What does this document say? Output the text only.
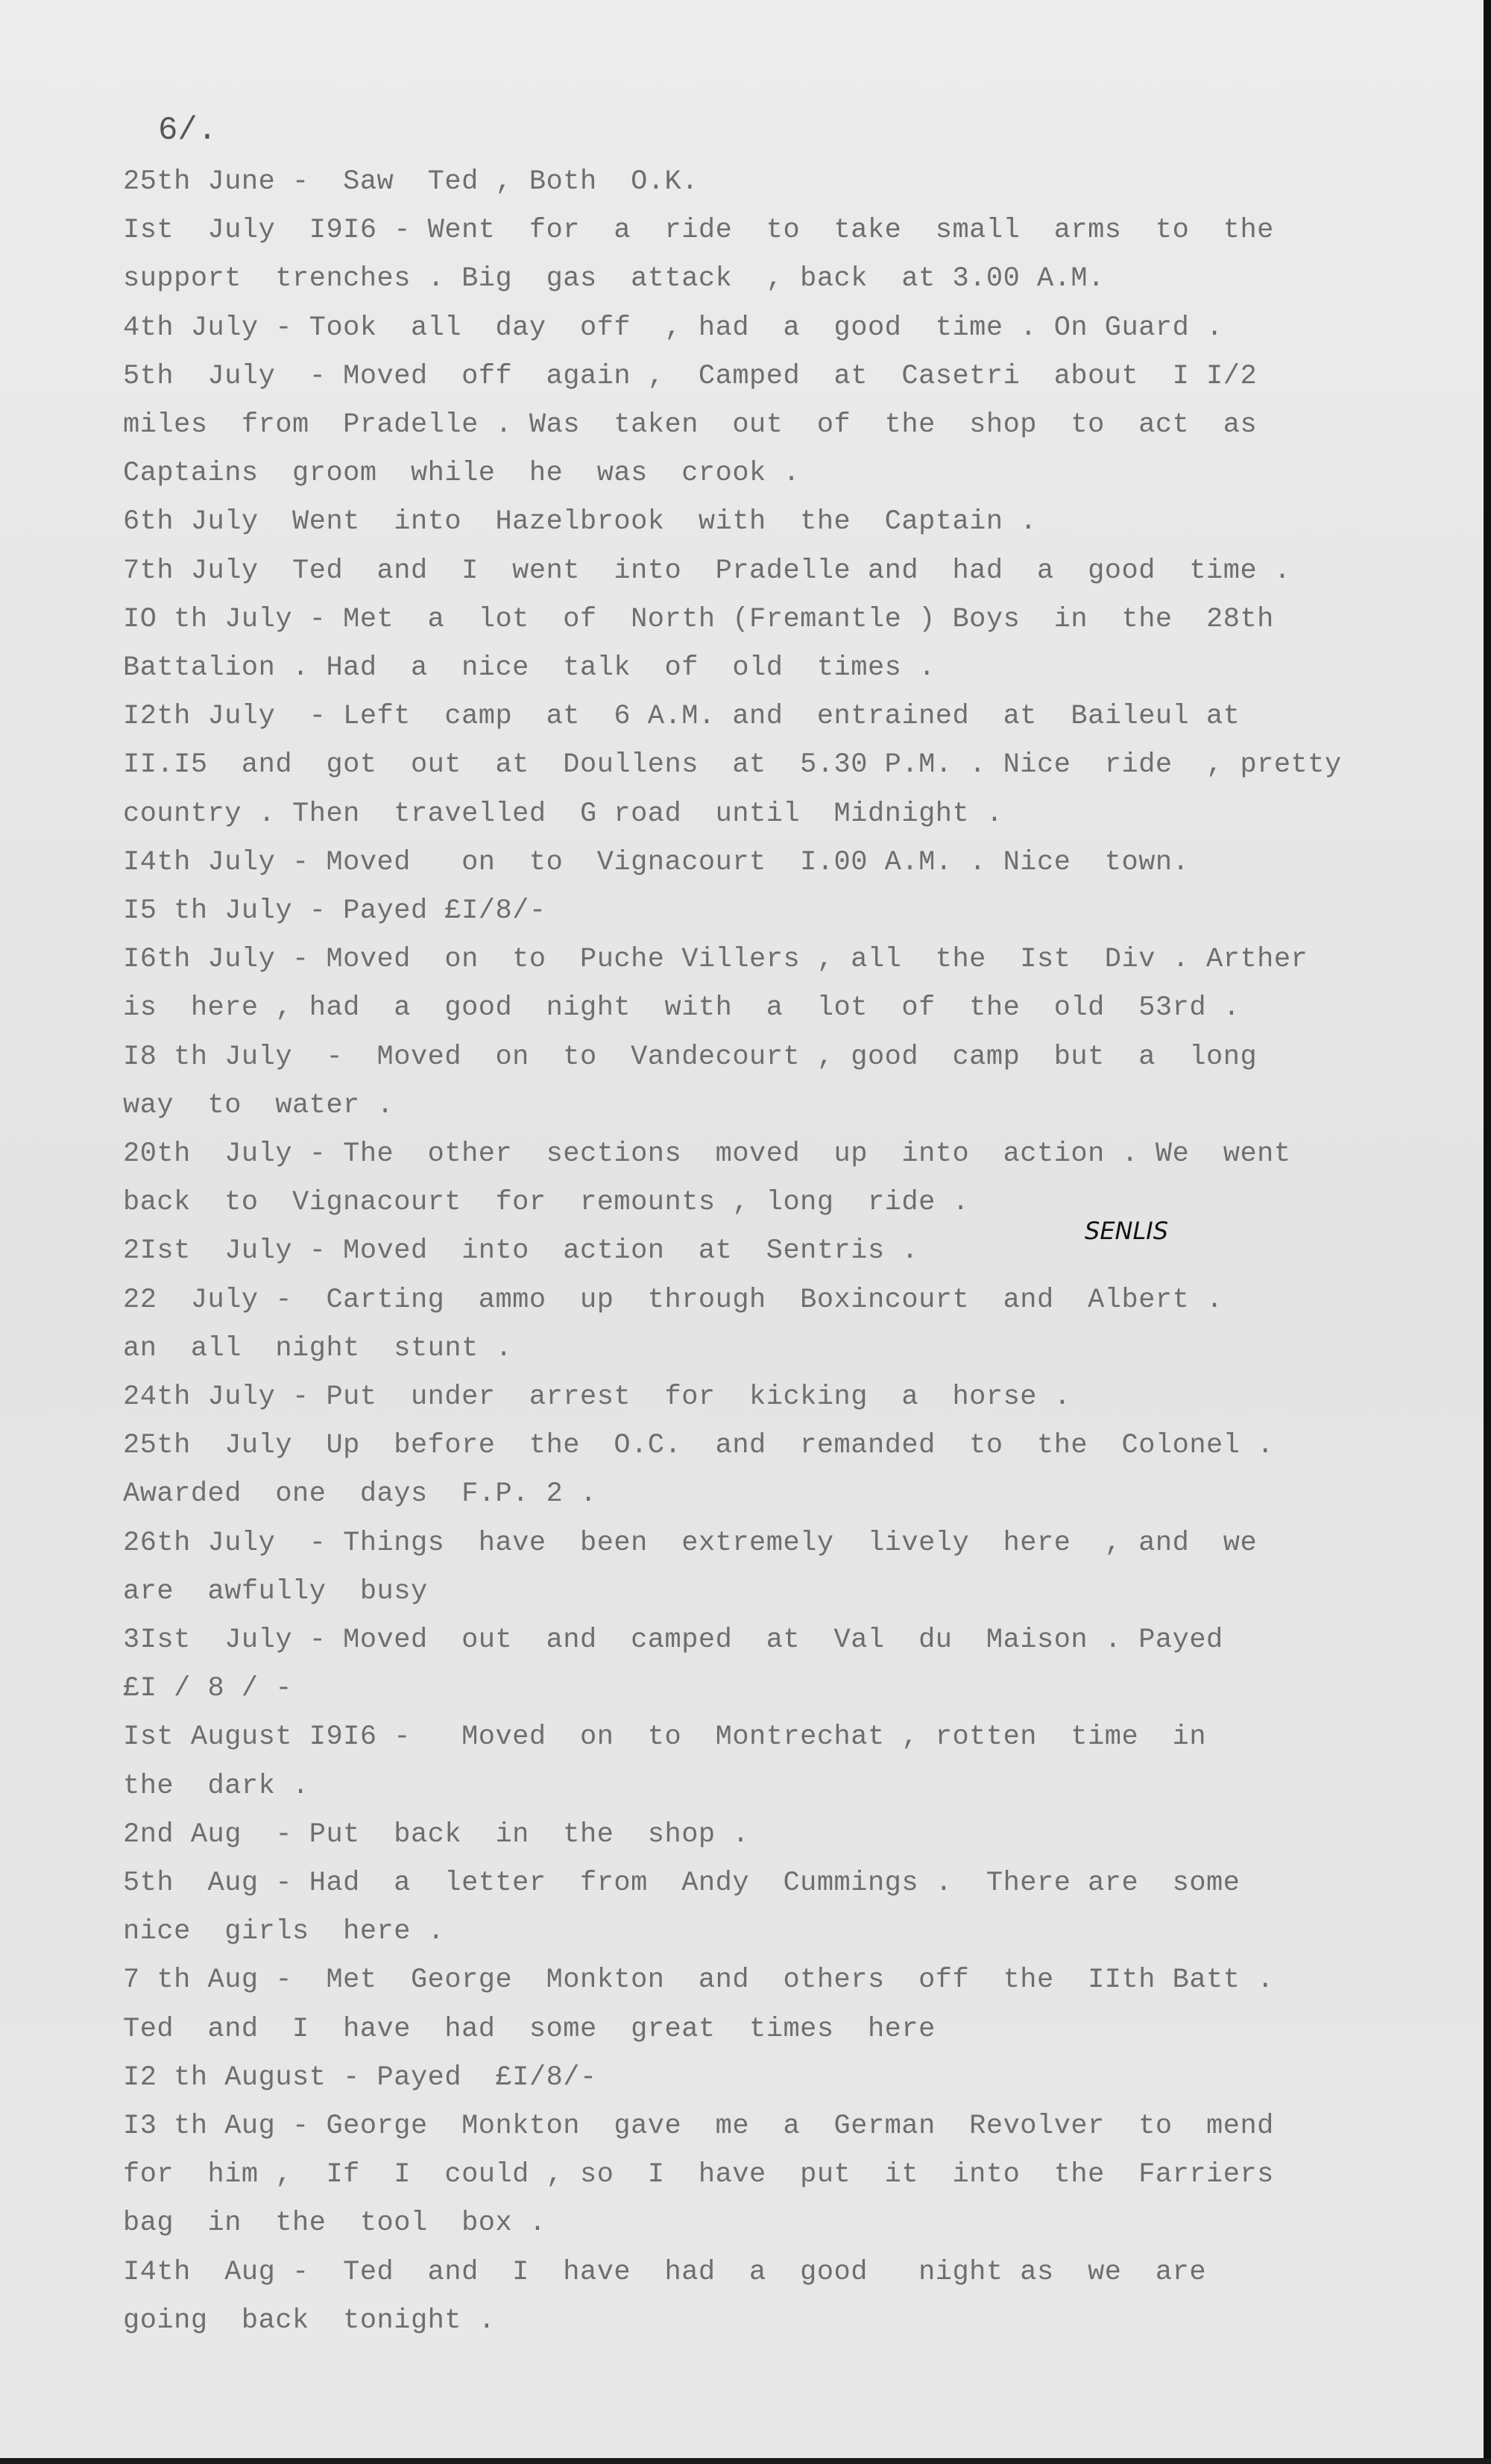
6/.
25th June -  Saw  Ted , Both  O.K.
Ist  July  I9I6 - Went  for  a  ride  to  take  small  arms  to  the
support  trenches . Big  gas  attack  , back  at 3.00 A.M.
4th July - Took  all  day  off  , had  a  good  time . On Guard .
5th  July  - Moved  off  again ,  Camped  at  Casetri  about  I I/2
miles  from  Pradelle . Was  taken  out  of  the  shop  to  act  as
Captains  groom  while  he  was  crook .
6th July  Went  into  Hazelbrook  with  the  Captain .
7th July  Ted  and  I  went  into  Pradelle and  had  a  good  time .
IO th July - Met  a  lot  of  North (Fremantle ) Boys  in  the  28th
Battalion . Had  a  nice  talk  of  old  times .
I2th July  - Left  camp  at  6 A.M. and  entrained  at  Baileul at
II.I5  and  got  out  at  Doullens  at  5.30 P.M. . Nice  ride  , pretty
country . Then  travelled  G road  until  Midnight .
I4th July - Moved   on  to  Vignacourt  I.00 A.M. . Nice  town.
I5 th July - Payed £I/8/-
I6th July - Moved  on  to  Puche Villers , all  the  Ist  Div . Arther
is  here , had  a  good  night  with  a  lot  of  the  old  53rd .
I8 th July  -  Moved  on  to  Vandecourt , good  camp  but  a  long
way  to  water .
20th  July - The  other  sections  moved  up  into  action . We  went
back  to  Vignacourt  for  remounts , long  ride .
2Ist  July - Moved  into  action  at  Sentris .
22  July -  Carting  ammo  up  through  Boxincourt  and  Albert .
an  all  night  stunt .
24th July - Put  under  arrest  for  kicking  a  horse .
25th  July  Up  before  the  O.C.  and  remanded  to  the  Colonel .
Awarded  one  days  F.P. 2 .
26th July  - Things  have  been  extremely  lively  here  , and  we
are  awfully  busy
3Ist  July - Moved  out  and  camped  at  Val  du  Maison . Payed
£I / 8 / -
Ist August I9I6 -   Moved  on  to  Montrechat , rotten  time  in
the  dark .
2nd Aug  - Put  back  in  the  shop .
5th  Aug - Had  a  letter  from  Andy  Cummings .  There are  some
nice  girls  here .
7 th Aug -  Met  George  Monkton  and  others  off  the  IIth Batt .
Ted  and  I  have  had  some  great  times  here
I2 th August - Payed  £I/8/-
I3 th Aug - George  Monkton  gave  me  a  German  Revolver  to  mend
for  him ,  If  I  could , so  I  have  put  it  into  the  Farriers
bag  in  the  tool  box .
I4th  Aug -  Ted  and  I  have  had  a  good   night as  we  are
going  back  tonight .
SENLIS
